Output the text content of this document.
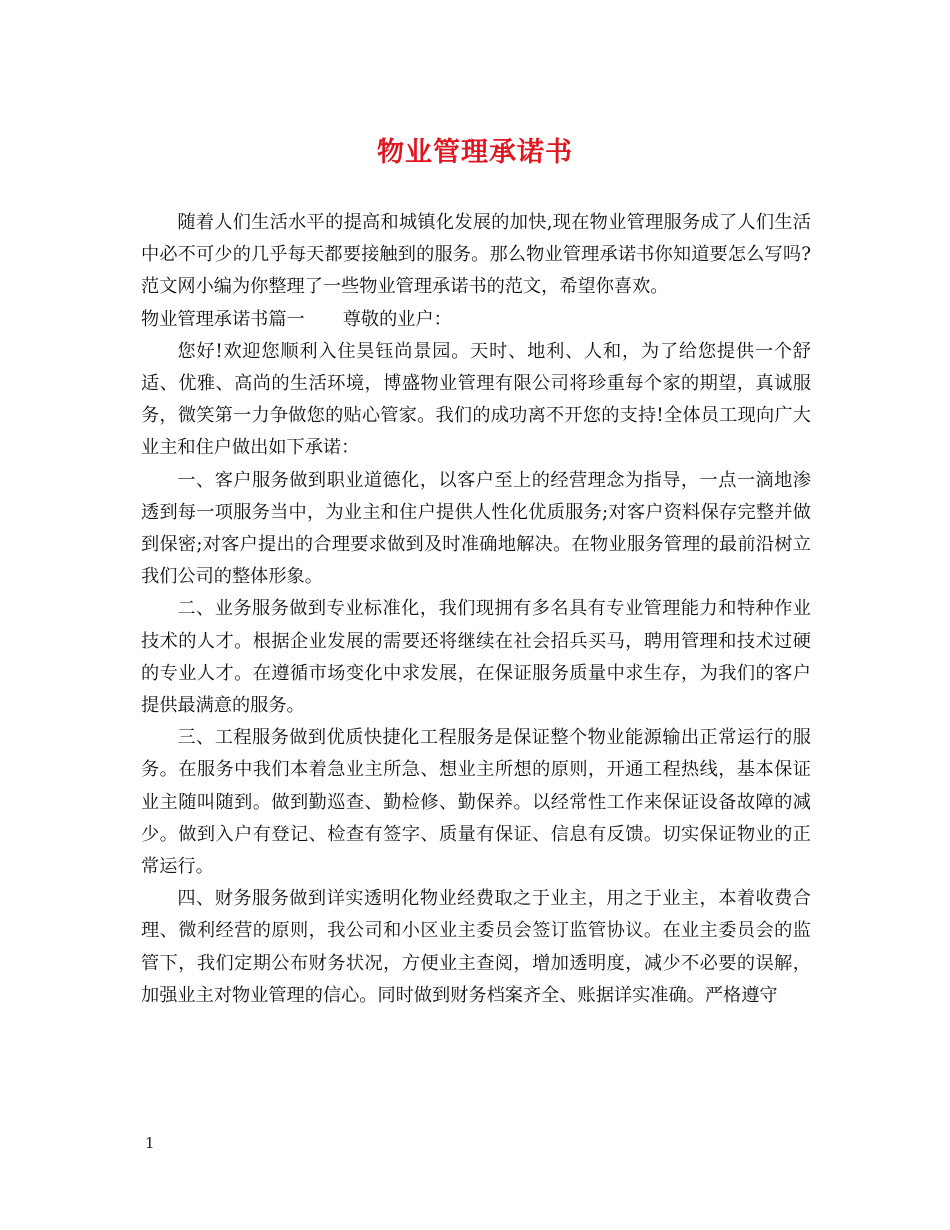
物业管理承诺书

随着人们生活水平的提高和城镇化发展的加快,现在物业管理服务成了人们生活中必不可少的几乎每天都要接触到的服务。那么物业管理承诺书你知道要怎么写吗?范文网小编为你整理了一些物业管理承诺书的范文，希望你喜欢。

物业管理承诺书篇一 尊敬的业户：

您好!欢迎您顺利入住昊钰尚景园。天时、地利、人和，为了给您提供一个舒适、优雅、高尚的生活环境，博盛物业管理有限公司将珍重每个家的期望，真诚服务，微笑第一力争做您的贴心管家。我们的成功离不开您的支持!全体员工现向广大业主和住户做出如下承诺：

一、客户服务做到职业道德化，以客户至上的经营理念为指导，一点一滴地渗透到每一项服务当中，为业主和住户提供人性化优质服务;对客户资料保存完整并做到保密;对客户提出的合理要求做到及时准确地解决。在物业服务管理的最前沿树立我们公司的整体形象。

二、业务服务做到专业标准化，我们现拥有多名具有专业管理能力和特种作业技术的人才。根据企业发展的需要还将继续在社会招兵买马，聘用管理和技术过硬的专业人才。在遵循市场变化中求发展，在保证服务质量中求生存，为我们的客户提供最满意的服务。

三、工程服务做到优质快捷化工程服务是保证整个物业能源输出正常运行的服务。在服务中我们本着急业主所急、想业主所想的原则，开通工程热线，基本保证业主随叫随到。做到勤巡查、勤检修、勤保养。以经常性工作来保证设备故障的减少。做到入户有登记、检查有签字、质量有保证、信息有反馈。切实保证物业的正常运行。

四、财务服务做到详实透明化物业经费取之于业主，用之于业主，本着收费合理、微利经营的原则，我公司和小区业主委员会签订监管协议。在业主委员会的监管下，我们定期公布财务状况，方便业主查阅，增加透明度，减少不必要的误解，加强业主对物业管理的信心。同时做到财务档案齐全、账据详实准确。严格遵守

1
